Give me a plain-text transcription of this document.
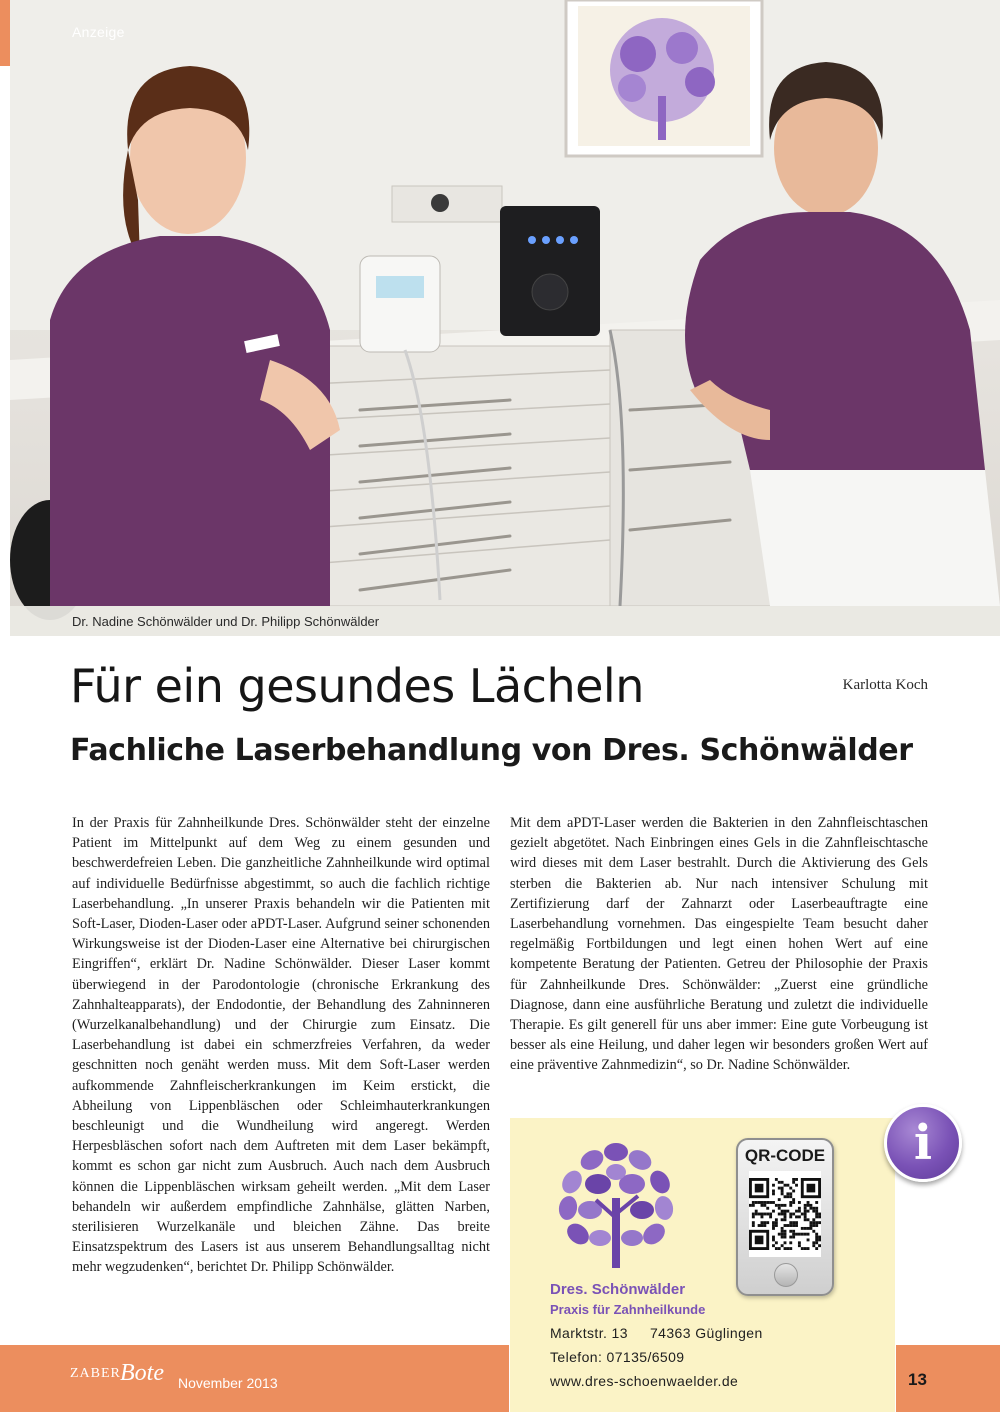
Anzeige
Dr. Nadine Schönwälder und Dr. Philipp Schönwälder
Für ein gesundes Lächeln
Fachliche Laserbehandlung von Dres. Schönwälder
Karlotta Koch

In der Praxis für Zahnheilkunde Dres. Schönwälder steht der einzelne Patient im Mittelpunkt auf dem Weg zu einem gesunden und beschwerdefreien Leben. Die ganzheitliche Zahnheilkunde wird optimal auf individuelle Bedürfnisse abgestimmt, so auch die fachlich richtige Laserbehandlung. „In unserer Praxis behandeln wir die Patienten mit Soft-Laser, Dioden-Laser oder aPDT-Laser. Aufgrund seiner schonenden Wirkungsweise ist der Dioden-Laser eine Alternative bei chirurgischen Eingriffen“, erklärt Dr. Nadine Schönwälder. Dieser Laser kommt überwiegend in der Parodontologie (chronische Erkrankung des Zahnhalteapparats), der Endodontie, der Behandlung des Zahninneren (Wurzelkanalbehandlung) und der Chirurgie zum Einsatz. Die Laserbehandlung ist dabei ein schmerzfreies Verfahren, da weder geschnitten noch genäht werden muss. Mit dem Soft-Laser werden aufkommende Zahnfleischerkrankungen im Keim erstickt, die Abheilung von Lippenbläschen oder Schleimhauterkrankungen beschleunigt und die Wundheilung wird angeregt. Werden Herpesbläschen sofort nach dem Auftreten mit dem Laser bekämpft, kommt es schon gar nicht zum Ausbruch. Auch nach dem Ausbruch können die Lippenbläschen wirksam geheilt werden. „Mit dem Laser behandeln wir außerdem empfindliche Zahnhälse, glätten Narben, sterilisieren Wurzelkanäle und bleichen Zähne. Das breite Einsatzspektrum des Lasers ist aus unserem Behandlungsalltag nicht mehr wegzudenken“, berichtet Dr. Philipp Schönwälder.

Mit dem aPDT-Laser werden die Bakterien in den Zahnfleischtaschen gezielt abgetötet. Nach Einbringen eines Gels in die Zahnfleischtasche wird dieses mit dem Laser bestrahlt. Durch die Aktivierung des Gels sterben die Bakterien ab. Nur nach intensiver Schulung mit Zertifizierung darf der Zahnarzt oder Laserbeauftragte eine Laserbehandlung vornehmen. Das eingespielte Team besucht daher regelmäßig Fortbildungen und legt einen hohen Wert auf eine kompetente Beratung der Patienten. Getreu der Philosophie der Praxis für Zahnheilkunde Dres. Schönwälder: „Zuerst eine gründliche Diagnose, dann eine ausführliche Beratung und zuletzt die individuelle Therapie. Es gilt generell für uns aber immer: Eine gute Vorbeugung ist besser als eine Heilung, und daher legen wir besonders großen Wert auf eine präventive Zahnmedizin“, so Dr. Nadine Schönwälder.

Dres. Schönwälder
Praxis für Zahnheilkunde
Marktstr. 13 74363 Güglingen
Telefon: 07135/6509
www.dres-schoenwaelder.de
QR-CODE	i
ZABER Bote November 2013	13
